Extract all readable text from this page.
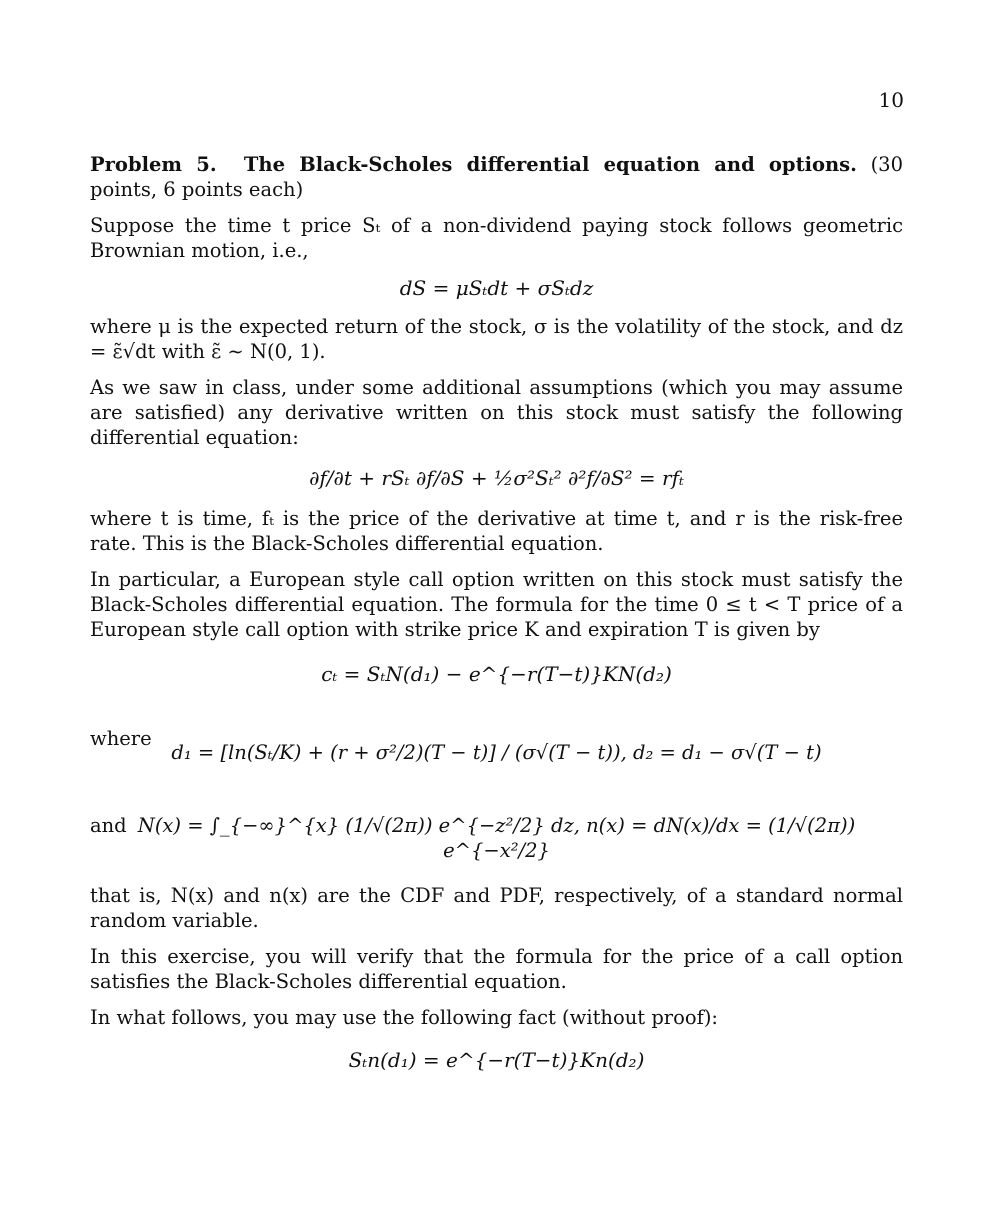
10

Problem 5. The Black-Scholes differential equation and options. (30 points, 6 points each)

Suppose the time t price Sₜ of a non-dividend paying stock follows geometric Brownian motion, i.e.,

dS = μSₜdt + σSₜdz

where μ is the expected return of the stock, σ is the volatility of the stock, and dz = ε̃√dt with ε̃ ∼ N(0, 1).

As we saw in class, under some additional assumptions (which you may assume are satisfied) any derivative written on this stock must satisfy the following differential equation:

∂f/∂t + rSₜ ∂f/∂S + ½σ²Sₜ² ∂²f/∂S² = rfₜ

where t is time, fₜ is the price of the derivative at time t, and r is the risk-free rate. This is the Black-Scholes differential equation.

In particular, a European style call option written on this stock must satisfy the Black-Scholes differential equation. The formula for the time 0 ≤ t < T price of a European style call option with strike price K and expiration T is given by

cₜ = SₜN(d₁) − e^{−r(T−t)}KN(d₂)
where
d₁ = [ln(Sₜ/K) + (r + σ²/2)(T − t)] / (σ√(T − t)), d₂ = d₁ − σ√(T − t)
and N(x) = ∫_{−∞}^{x} (1/√(2π)) e^{−z²/2} dz, n(x) = dN(x)/dx = (1/√(2π)) e^{−x²/2}

that is, N(x) and n(x) are the CDF and PDF, respectively, of a standard normal random variable.

In this exercise, you will verify that the formula for the price of a call option satisfies the Black-Scholes differential equation.

In what follows, you may use the following fact (without proof):

Sₜn(d₁) = e^{−r(T−t)}Kn(d₂)
